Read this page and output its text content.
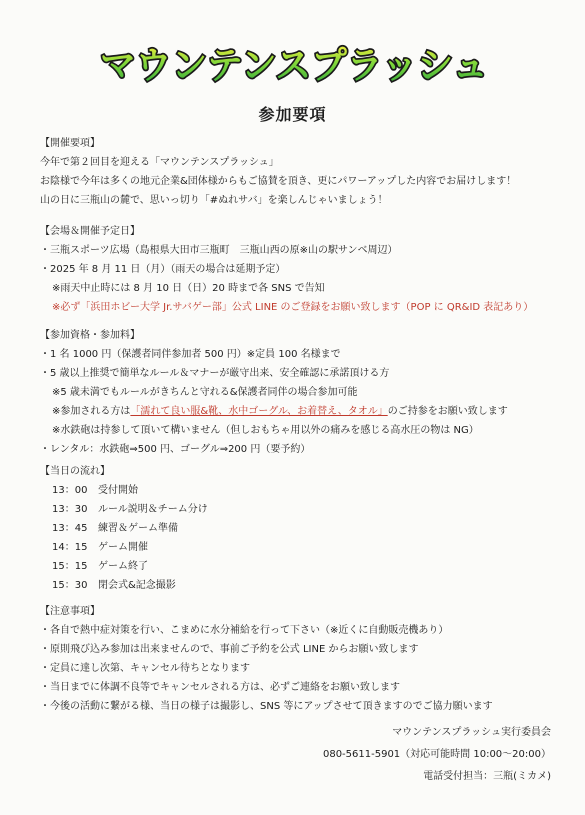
マウンテンスプラッシュ
参加要項
【開催要項】
今年で第２回目を迎える「マウンテンスプラッシュ」
お陰様で今年は多くの地元企業&団体様からもご協賛を頂き、更にパワーアップした内容でお届けします！
山の日に三瓶山の麓で、思いっ切り「#ぬれサバ」を楽しんじゃいましょう！
【会場＆開催予定日】
・三瓶スポーツ広場（島根県大田市三瓶町　三瓶山西の原※山の駅サンベ周辺）
・2025 年 8 月 11 日（月）（雨天の場合は延期予定）
※雨天中止時には 8 月 10 日（日）20 時まで各 SNS で告知
※必ず「浜田ホビー大学 Jr.サバゲー部」公式 LINE のご登録をお願い致します（POP に QR&ID 表記あり）
【参加資格・参加料】
・1 名 1000 円（保護者同伴参加者 500 円）※定員 100 名様まで
・5 歳以上推奨で簡単なルール＆マナーが厳守出来、安全確認に承諾頂ける方
※5 歳未満でもルールがきちんと守れる&保護者同伴の場合参加可能
※参加される方は「濡れて良い服&靴、水中ゴーグル、お着替え、タオル」のご持参をお願い致します
※水鉄砲は持参して頂いて構いません（但しおもちゃ用以外の痛みを感じる高水圧の物は NG）
・レンタル：水鉄砲⇒500 円、ゴーグル⇒200 円（要予約）
【当日の流れ】
13：00 受付開始
13：30 ルール説明＆チーム分け
13：45 練習＆ゲーム準備
14：15 ゲーム開催
15：15 ゲーム終了
15：30 閉会式&記念撮影
【注意事項】
・各自で熱中症対策を行い、こまめに水分補給を行って下さい（※近くに自動販売機あり）
・原則飛び込み参加は出来ませんので、事前ご予約を公式 LINE からお願い致します
・定員に達し次第、キャンセル待ちとなります
・当日までに体調不良等でキャンセルされる方は、必ずご連絡をお願い致します
・今後の活動に繋がる様、当日の様子は撮影し、SNS 等にアップさせて頂きますのでご協力願います
マウンテンスプラッシュ実行委員会
080-5611-5901（対応可能時間 10:00～20:00）
電話受付担当：三瓶(ミカメ)
